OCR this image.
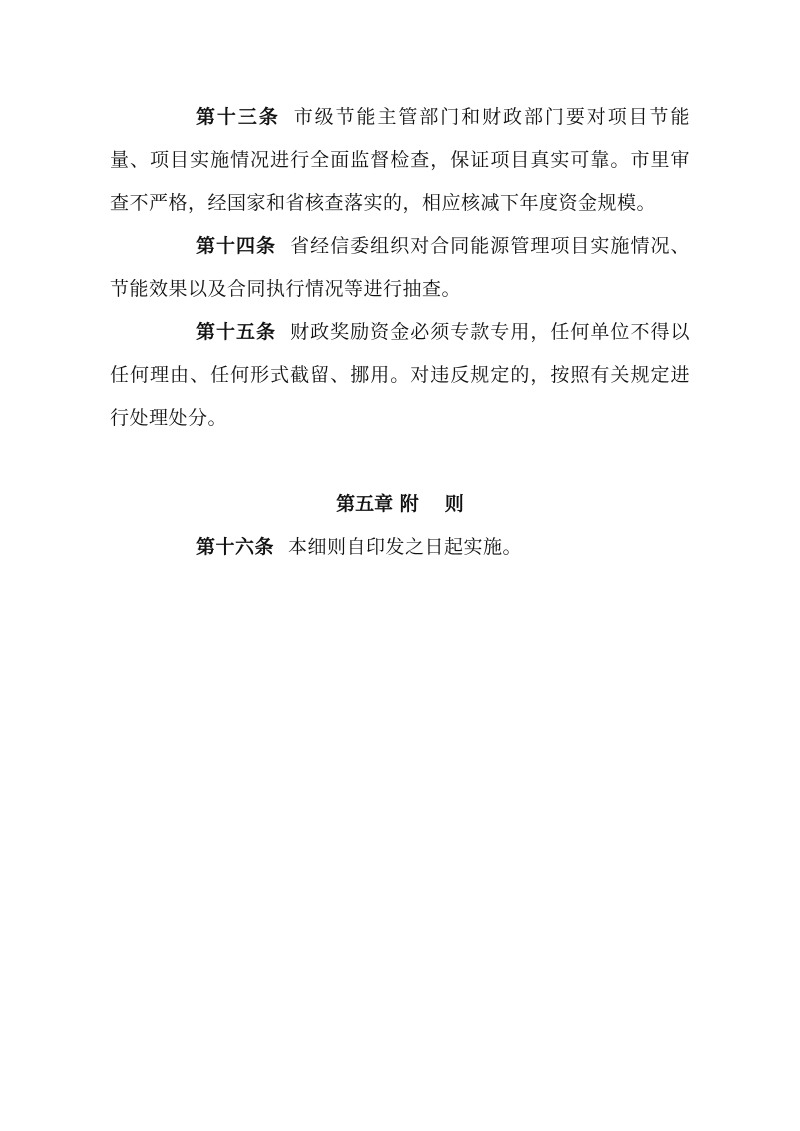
第十三条 市级节能主管部门和财政部门要对项目节能量、项目实施情况进行全面监督检查，保证项目真实可靠。市里审查不严格，经国家和省核查落实的，相应核减下年度资金规模。

第十四条 省经信委组织对合同能源管理项目实施情况、节能效果以及合同执行情况等进行抽查。

第十五条 财政奖励资金必须专款专用，任何单位不得以任何理由、任何形式截留、挪用。对违反规定的，按照有关规定进行处理处分。

第五章 附 则

第十六条 本细则自印发之日起实施。
